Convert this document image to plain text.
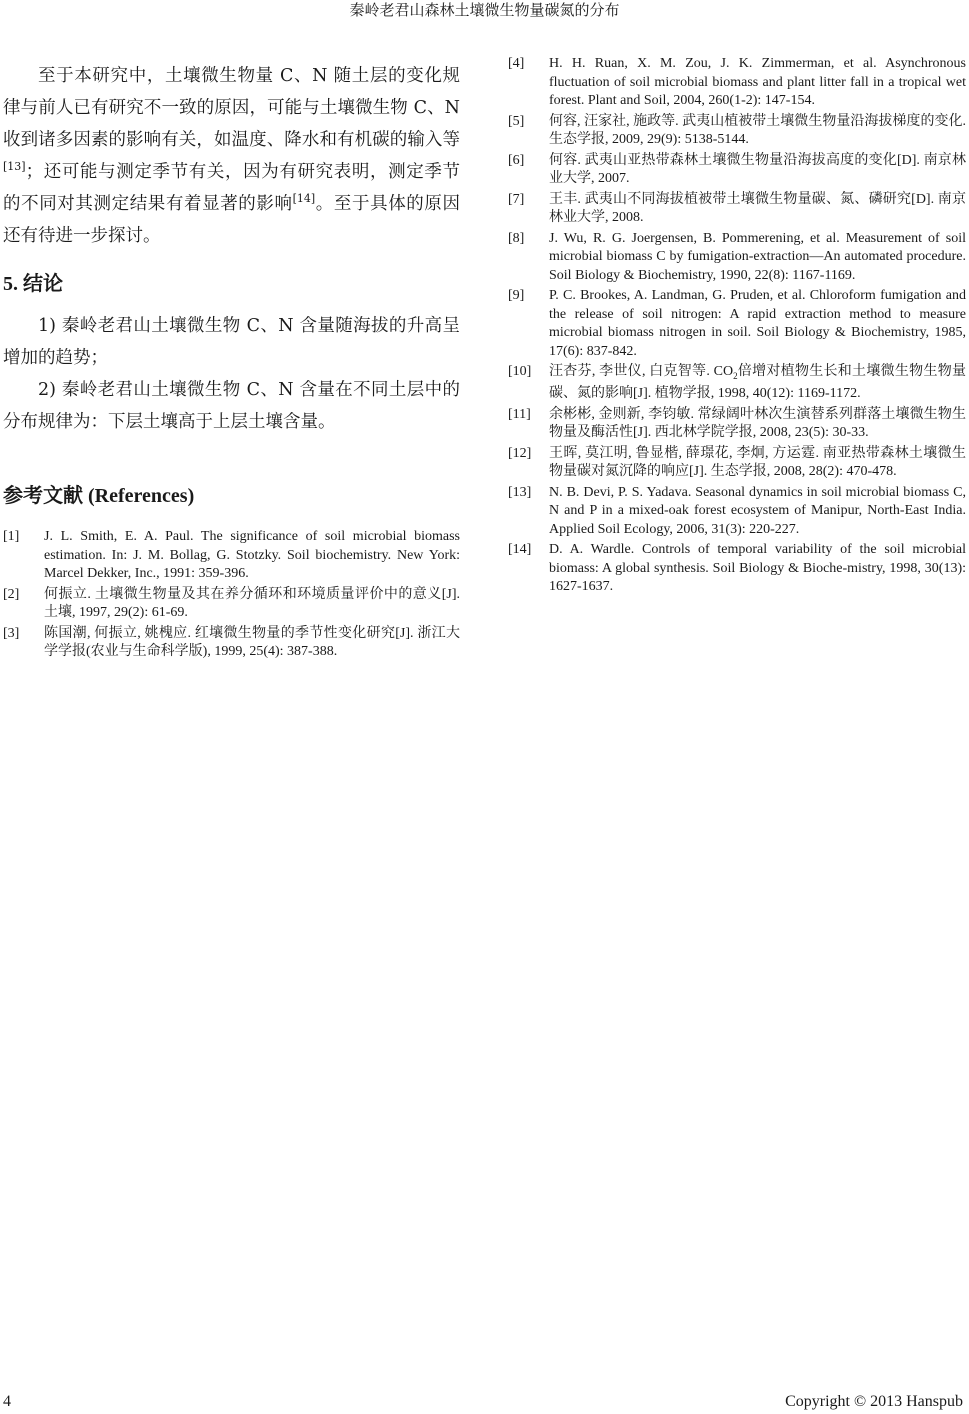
秦岭老君山森林土壤微生物量碳氮的分布

至于本研究中，土壤微生物量 C、N 随土层的变化规律与前人已有研究不一致的原因，可能与土壤微生物 C、N 收到诸多因素的影响有关，如温度、降水和有机碳的输入等[13]；还可能与测定季节有关，因为有研究表明，测定季节的不同对其测定结果有着显著的影响[14]。至于具体的原因还有待进一步探讨。

5. 结论

1) 秦岭老君山土壤微生物 C、N 含量随海拔的升高呈增加的趋势；

2) 秦岭老君山土壤微生物 C、N 含量在不同土层中的分布规律为：下层土壤高于上层土壤含量。

参考文献 (References)
[1]	J. L. Smith, E. A. Paul. The significance of soil microbial biomass estimation. In: J. M. Bollag, G. Stotzky. Soil biochemistry. New York: Marcel Dekker, Inc., 1991: 359-396.
[2]	何振立. 土壤微生物量及其在养分循环和环境质量评价中的意义[J]. 土壤, 1997, 29(2): 61-69.
[3]	陈国潮, 何振立, 姚槐应. 红壤微生物量的季节性变化研究[J]. 浙江大学学报(农业与生命科学版), 1999, 25(4): 387-388.
[4]	H. H. Ruan, X. M. Zou, J. K. Zimmerman, et al. Asynchronous fluctuation of soil microbial biomass and plant litter fall in a tropical wet forest. Plant and Soil, 2004, 260(1-2): 147-154.
[5]	何容, 汪家社, 施政等. 武夷山植被带土壤微生物量沿海拔梯度的变化. 生态学报, 2009, 29(9): 5138-5144.
[6]	何容. 武夷山亚热带森林土壤微生物量沿海拔高度的变化[D]. 南京林业大学, 2007.
[7]	王丰. 武夷山不同海拔植被带土壤微生物量碳、氮、磷研究[D]. 南京林业大学, 2008.
[8]	J. Wu, R. G. Joergensen, B. Pommerening, et al. Measurement of soil microbial biomass C by fumigation-extraction—An automated procedure. Soil Biology & Biochemistry, 1990, 22(8): 1167-1169.
[9]	P. C. Brookes, A. Landman, G. Pruden, et al. Chloroform fumigation and the release of soil nitrogen: A rapid extraction method to measure microbial biomass nitrogen in soil. Soil Biology & Biochemistry, 1985, 17(6): 837-842.
[10]	汪杏芬, 李世仪, 白克智等. $CO_2$倍增对植物生长和土壤微生物生物量碳、氮的影响[J]. 植物学报, 1998, 40(12): 1169-1172.
[11]	余彬彬, 金则新, 李钧敏. 常绿阔叶林次生演替系列群落土壤微生物生物量及酶活性[J]. 西北林学院学报, 2008, 23(5): 30-33.
[12]	王晖, 莫江明, 鲁显楷, 薛璟花, 李炯, 方运霆. 南亚热带森林土壤微生物量碳对氮沉降的响应[J]. 生态学报, 2008, 28(2): 470-478.
[13]	N. B. Devi, P. S. Yadava. Seasonal dynamics in soil microbial biomass C, N and P in a mixed-oak forest ecosystem of Manipur, North-East India. Applied Soil Ecology, 2006, 31(3): 220-227.
[14]	D. A. Wardle. Controls of temporal variability of the soil microbial biomass: A global synthesis. Soil Biology & Bioche-mistry, 1998, 30(13): 1627-1637.
4	Copyright © 2013 Hanspub
